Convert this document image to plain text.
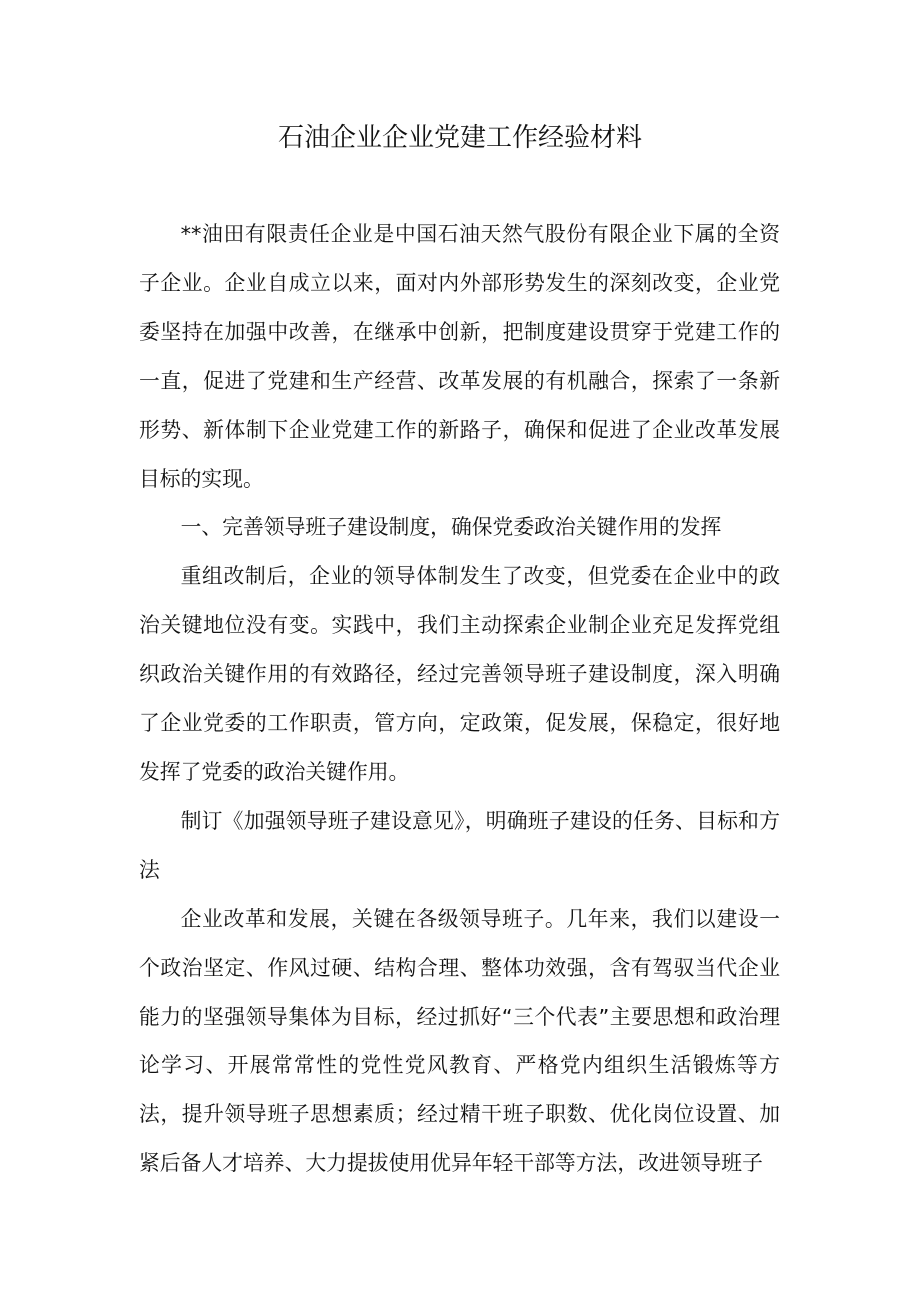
石油企业企业党建工作经验材料

**油田有限责任企业是中国石油天然气股份有限企业下属的全资子企业。企业自成立以来，面对内外部形势发生的深刻改变，企业党委坚持在加强中改善，在继承中创新，把制度建设贯穿于党建工作的一直，促进了党建和生产经营、改革发展的有机融合，探索了一条新形势、新体制下企业党建工作的新路子，确保和促进了企业改革发展目标的实现。

一、完善领导班子建设制度，确保党委政治关键作用的发挥

重组改制后，企业的领导体制发生了改变，但党委在企业中的政治关键地位没有变。实践中，我们主动探索企业制企业充足发挥党组织政治关键作用的有效路径，经过完善领导班子建设制度，深入明确了企业党委的工作职责，管方向，定政策，促发展，保稳定，很好地发挥了党委的政治关键作用。

制订《加强领导班子建设意见》，明确班子建设的任务、目标和方法

企业改革和发展，关键在各级领导班子。几年来，我们以建设一个政治坚定、作风过硬、结构合理、整体功效强，含有驾驭当代企业能力的坚强领导集体为目标，经过抓好“三个代表”主要思想和政治理论学习、开展常常性的党性党风教育、严格党内组织生活锻炼等方法，提升领导班子思想素质；经过精干班子职数、优化岗位设置、加紧后备人才培养、大力提拔使用优异年轻干部等方法，改进领导班子
